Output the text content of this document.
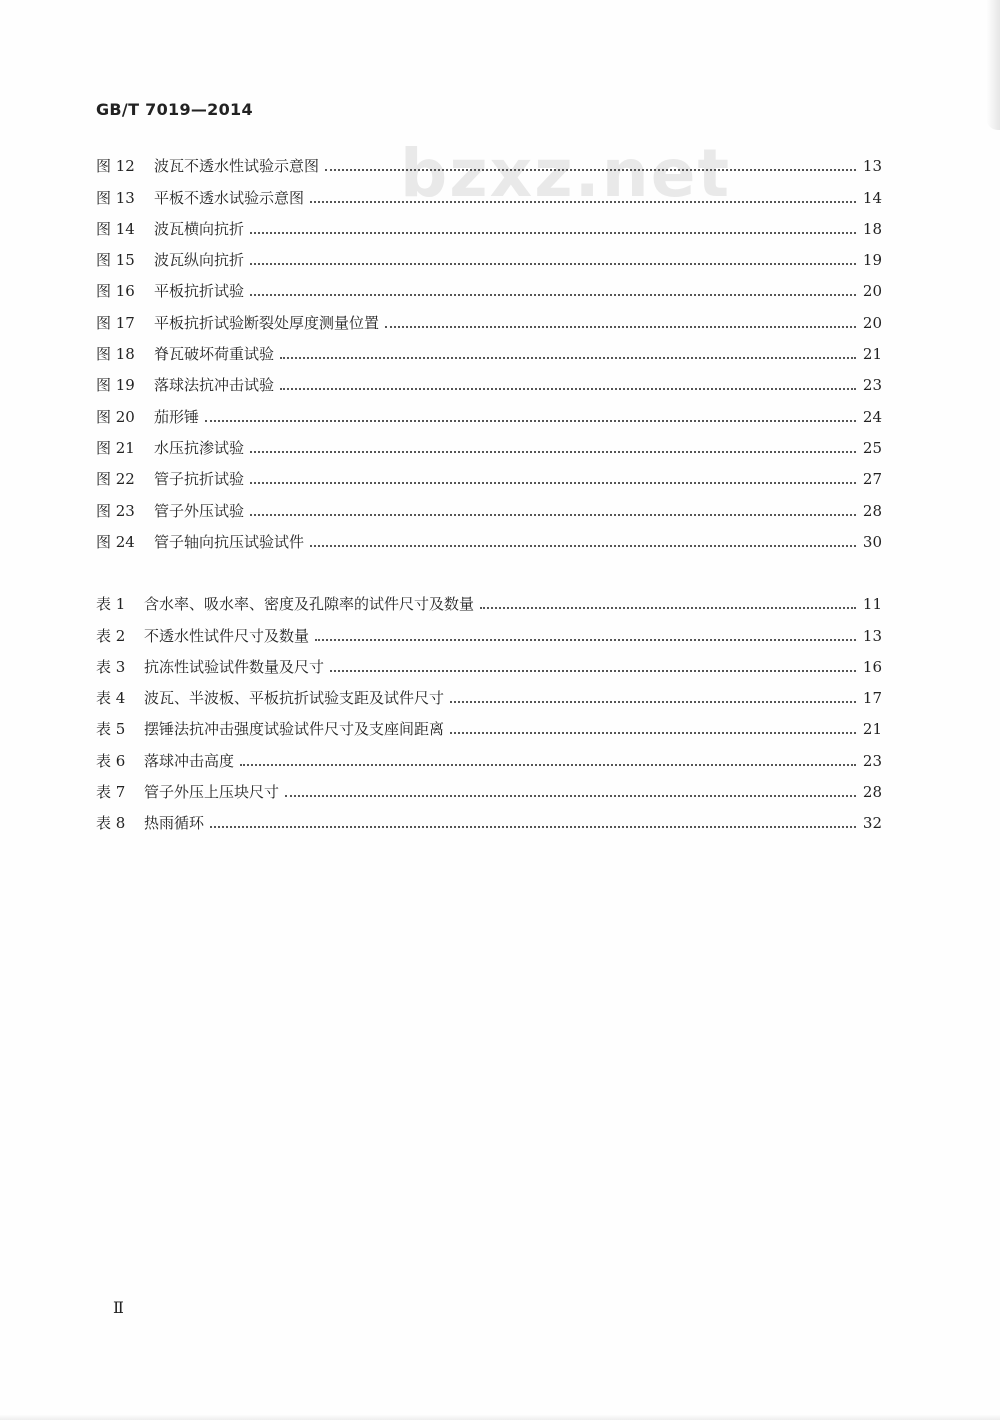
GB/T 7019—2014
bzxz.net
图 12	波瓦不透水性试验示意图	13
图 13	平板不透水试验示意图	14
图 14	波瓦横向抗折	18
图 15	波瓦纵向抗折	19
图 16	平板抗折试验	20
图 17	平板抗折试验断裂处厚度测量位置	20
图 18	脊瓦破坏荷重试验	21
图 19	落球法抗冲击试验	23
图 20	茄形锤	24
图 21	水压抗渗试验	25
图 22	管子抗折试验	27
图 23	管子外压试验	28
图 24	管子轴向抗压试验试件	30
表 1	含水率、吸水率、密度及孔隙率的试件尺寸及数量	11
表 2	不透水性试件尺寸及数量	13
表 3	抗冻性试验试件数量及尺寸	16
表 4	波瓦、半波板、平板抗折试验支距及试件尺寸	17
表 5	摆锤法抗冲击强度试验试件尺寸及支座间距离	21
表 6	落球冲击高度	23
表 7	管子外压上压块尺寸	28
表 8	热雨循环	32
Ⅱ
